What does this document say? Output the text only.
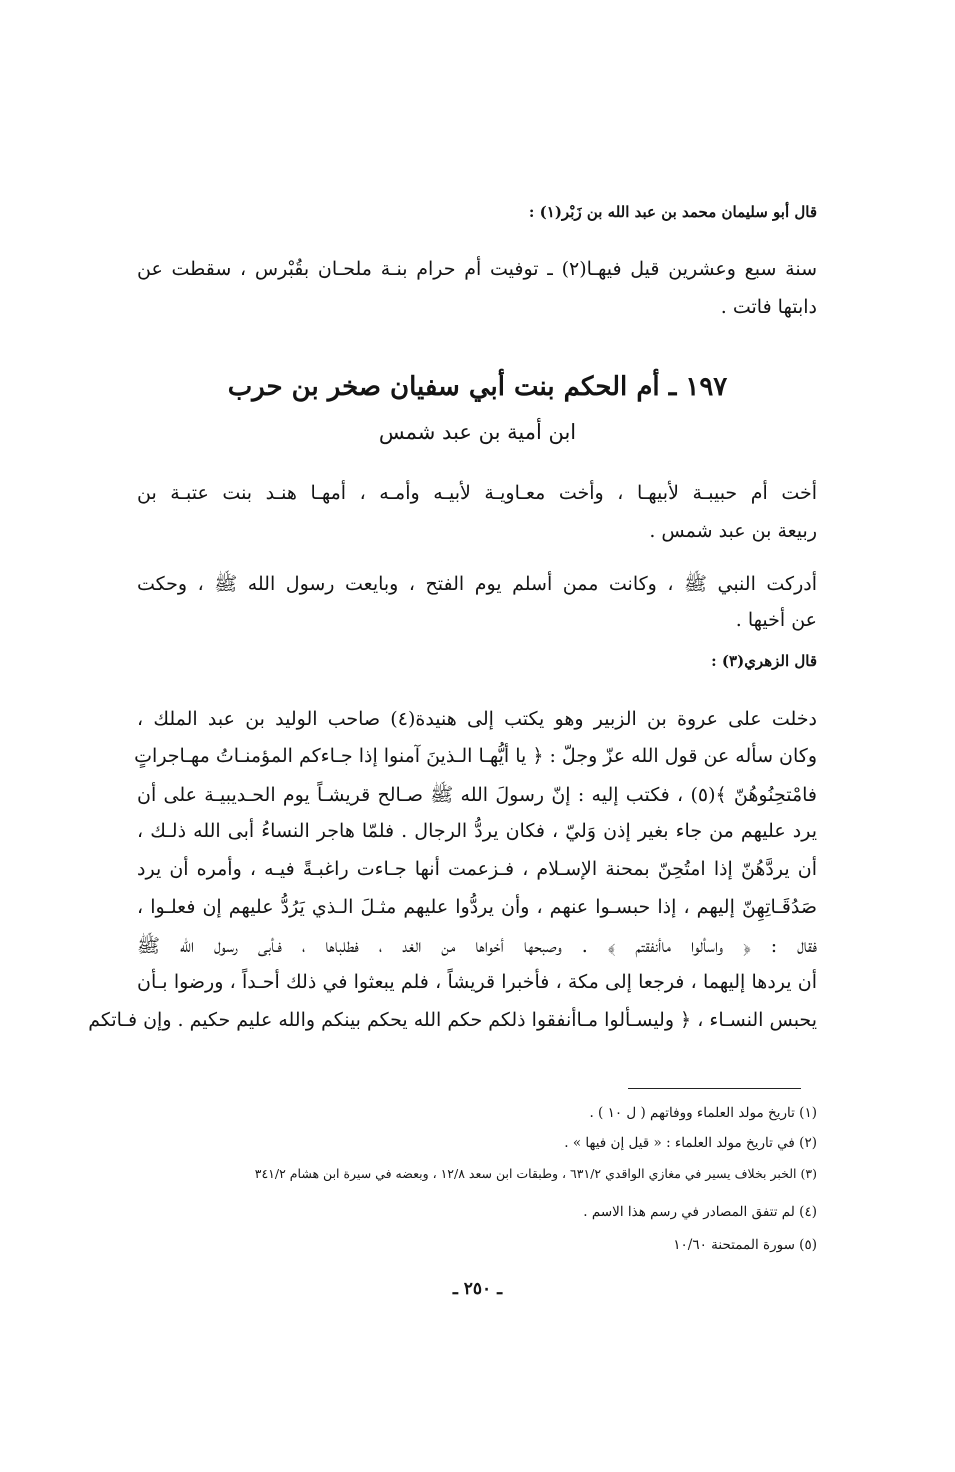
قال أبو سليمان محمد بن عبد الله بن زَبْر(١) :
سنة سبع وعشرين قيل فيهـا(٢) ـ توفيت أم حرام بنـة ملحـان بقُبْرس ، سقطت عن
دابتها فاتت .
١٩٧ ـ أم الحكم بنت أبي سفيان صخر بن حرب
ابن أمية بن عبد شمس
أخت أم حبيبـة لأبيهـا ، وأخت معـاويـة لأبيـه وأمـه ، أمهـا هنـد بنت عتبـة بن
ربيعة بن عبد شمس .
أدركت النبي ﷺ ، وكانت ممن أسلم يوم الفتح ، وبايعت رسول الله ﷺ ، وحكت
عن أخيها .
قال الزهري(٣) :
دخلت على عروة بن الزبير وهو يكتب إلى هنيدة(٤) صاحب الوليد بن عبد الملك ،
وكان سأله عن قول الله عزّ وجلّ : ﴿ يا أيُّهـا الـذينَ آمنوا إذا جـاءكم المؤمنـاتُ مهـاجراتٍ
فامْتحِنُوهُنّ ﴾(٥) ، فكتب إليه : إنّ رسولَ الله ﷺ صـالح قريشـاً يوم الحـديبيـة على أن
يرد عليهم من جاء بغير إذن وَليّ ، فكان يردُّ الرجال . فلمّا هاجر النساءُ أبى الله ذلـك ،
أن يردَّهُنّ إذا امتُحِنّ بمحنة الإسـلام ، فـزعمت أنها جـاءت راغبـةً فيـه ، وأمره أن يرد
صَدُقَـاتِهِنّ إليهم ، إذا حبسـوا عنهم ، وأن يردُّوا عليهم مثـلَ الـذي يَرُدُّ عليهم إن فعلـوا ،
فقال : ﴿ واسألوا ماأنفقتم ﴾ . وصبحها أخواها من الغد ، فطلباها ، فـأبى رسول الله ﷺ
أن يردها إليهما ، فرجعا إلى مكة ، فأخبرا قريشاً ، فلم يبعثوا في ذلك أحـداً ، ورضوا بـأن
يحبس النسـاء ، ﴿ وليسـألوا مـاأنفقوا ذلكم حكم الله يحكم بينكم والله عليم حكيم . وإن فـاتكم
(١) تاريخ مولد العلماء ووفاتهم ( ل ١٠ ) .
(٢) في تاريخ مولد العلماء : « قيل إن فيها » .
(٣) الخبر بخلاف يسير في مغازي الواقدي ٦٣١/٢ ، وطبقات ابن سعد ١٢/٨ ، وبعضه في سيرة ابن هشام ٣٤١/٢
(٤) لم تتفق المصادر في رسم هذا الاسم .
(٥) سورة الممتحنة ١٠/٦٠
ـ ٢٥٠ ـ
